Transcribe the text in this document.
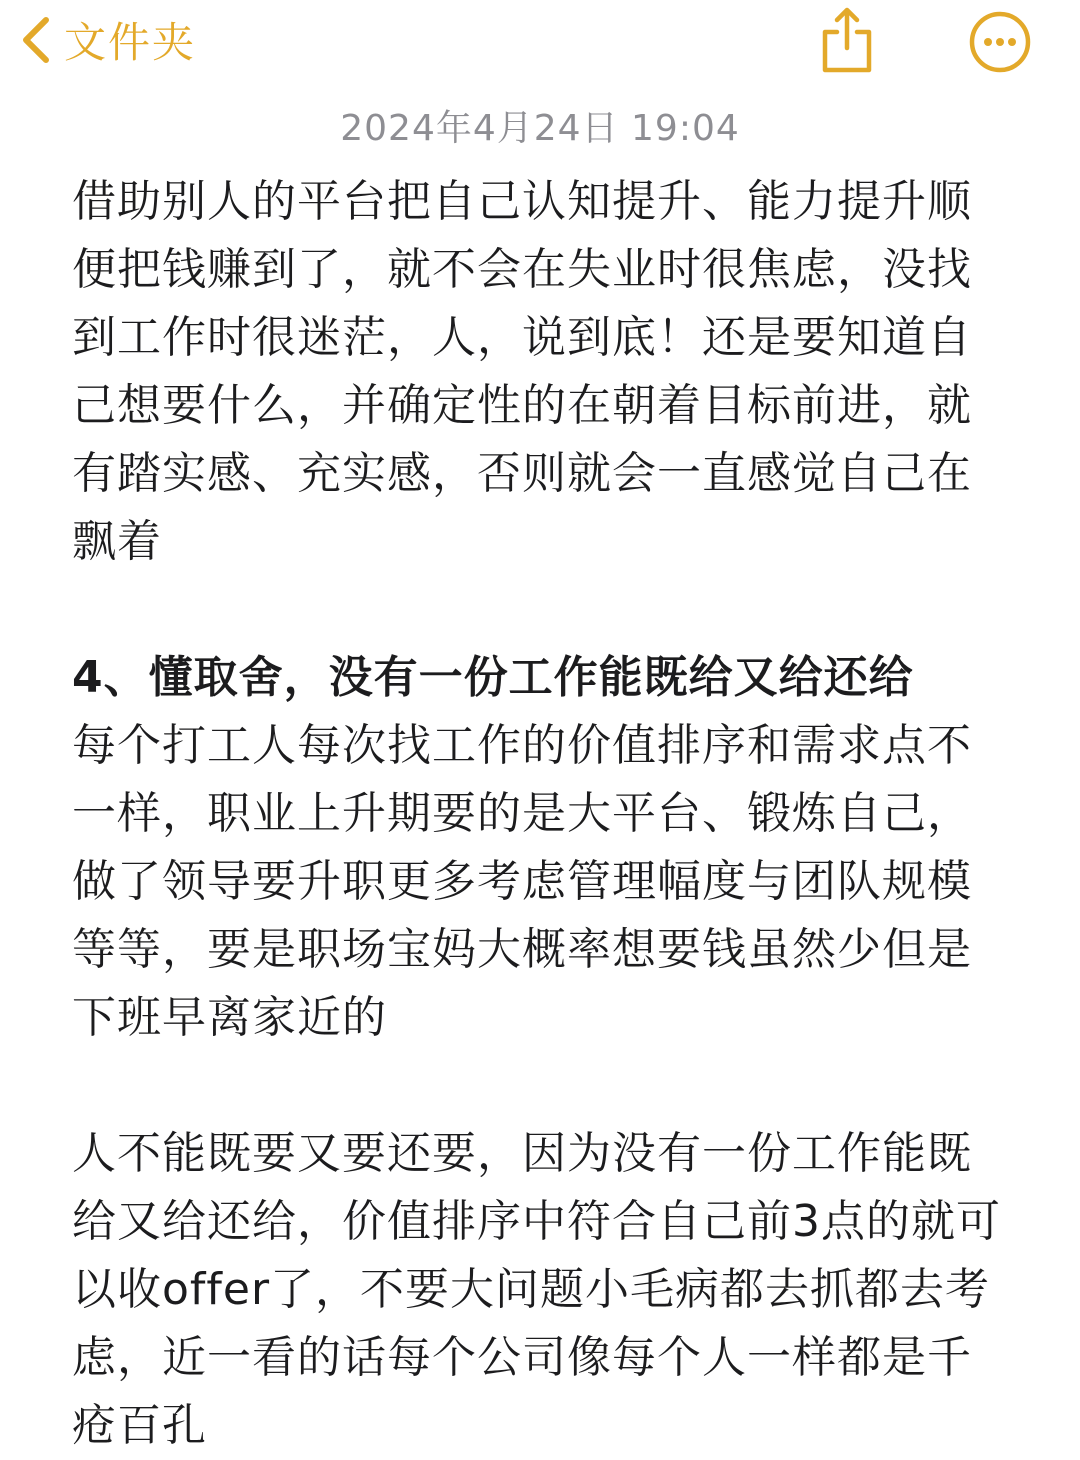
文件夹
2024年4月24日 19:04

借助别人的平台把自己认知提升、能力提升顺便把钱赚到了，就不会在失业时很焦虑，没找到工作时很迷茫，人，说到底！还是要知道自己想要什么，并确定性的在朝着目标前进，就有踏实感、充实感，否则就会一直感觉自己在飘着

4、懂取舍，没有一份工作能既给又给还给

每个打工人每次找工作的价值排序和需求点不一样，职业上升期要的是大平台、锻炼自己，做了领导要升职更多考虑管理幅度与团队规模等等，要是职场宝妈大概率想要钱虽然少但是下班早离家近的

人不能既要又要还要，因为没有一份工作能既给又给还给，价值排序中符合自己前3点的就可以收offer了，不要大问题小毛病都去抓都去考虑，近一看的话每个公司像每个人一样都是千疮百孔
